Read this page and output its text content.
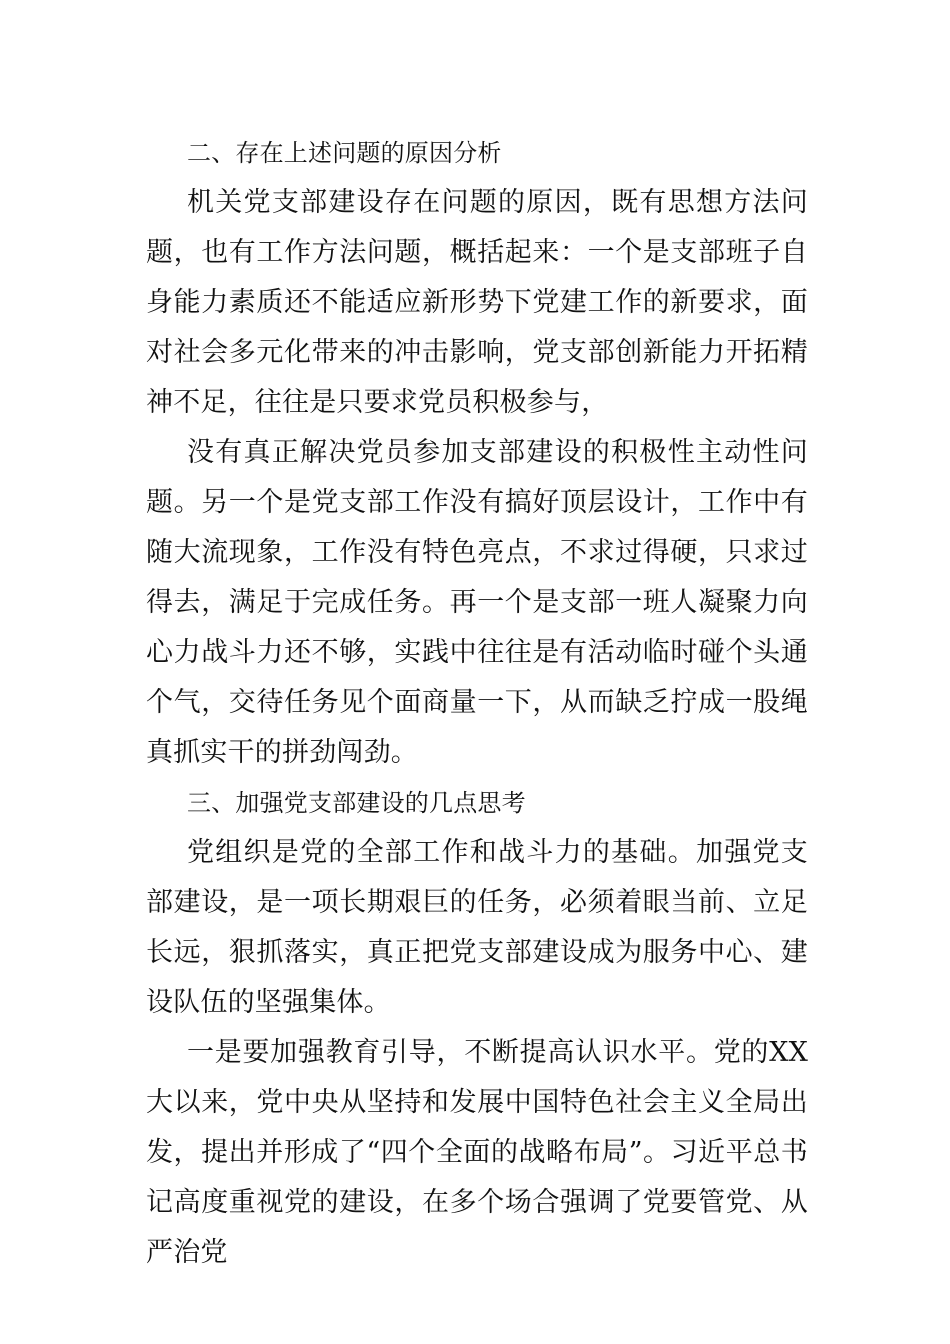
二、存在上述问题的原因分析

机关党支部建设存在问题的原因，既有思想方法问题，也有工作方法问题，概括起来：一个是支部班子自身能力素质还不能适应新形势下党建工作的新要求，面对社会多元化带来的冲击影响，党支部创新能力开拓精神不足，往往是只要求党员积极参与，

没有真正解决党员参加支部建设的积极性主动性问题。另一个是党支部工作没有搞好顶层设计，工作中有随大流现象，工作没有特色亮点，不求过得硬，只求过得去，满足于完成任务。再一个是支部一班人凝聚力向心力战斗力还不够，实践中往往是有活动临时碰个头通个气，交待任务见个面商量一下，从而缺乏拧成一股绳真抓实干的拼劲闯劲。

三、加强党支部建设的几点思考

党组织是党的全部工作和战斗力的基础。加强党支部建设，是一项长期艰巨的任务，必须着眼当前、立足长远，狠抓落实，真正把党支部建设成为服务中心、建设队伍的坚强集体。

一是要加强教育引导，不断提高认识水平。党的XX大以来，党中央从坚持和发展中国特色社会主义全局出发，提出并形成了“四个全面的战略布局”。习近平总书记高度重视党的建设，在多个场合强调了党要管党、从严治党
